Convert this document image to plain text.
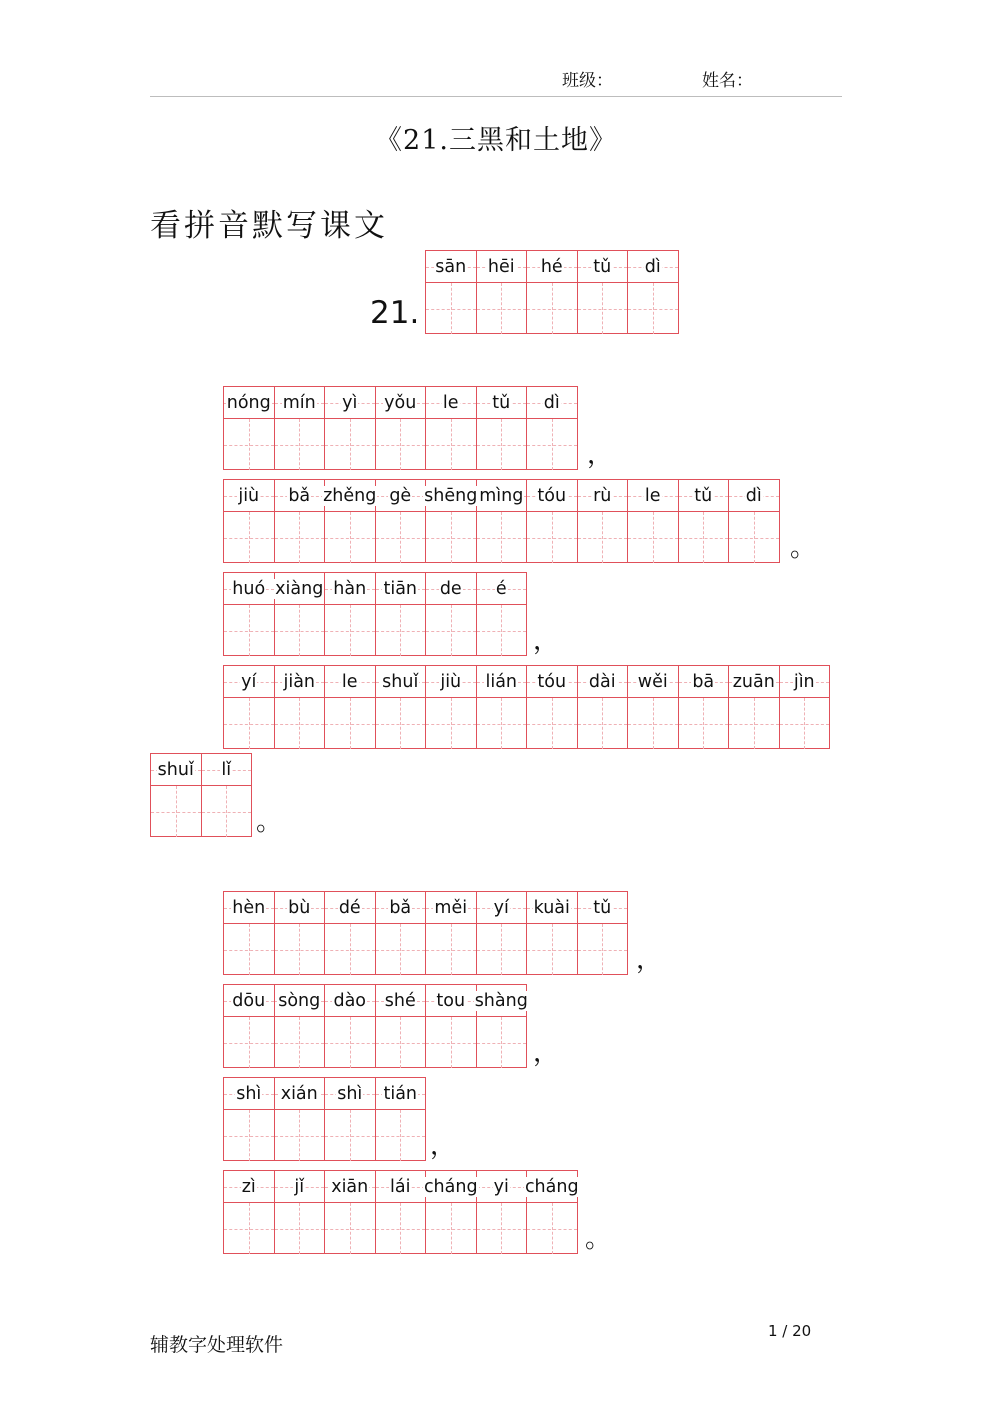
班级：	姓名：
《21.三黑和土地》
看拼音默写课文
21.
sān hēi hé tǔ dì
nóng mín yì yǒu le tǔ dì
，
jiù bǎ zhěng gè shēng mìng tóu rù le tǔ dì
。
huó xiàng hàn tiān de é
，
yí jiàn le shuǐ jiù lián tóu dài wěi bā zuān jìn
shuǐ lǐ
。
hèn bù dé bǎ měi yí kuài tǔ
，
dōu sòng dào shé tou shàng
，
shì xián shì tián
，
zì jǐ xiān lái cháng yi cháng
。
辅教字处理软件
1 / 20
